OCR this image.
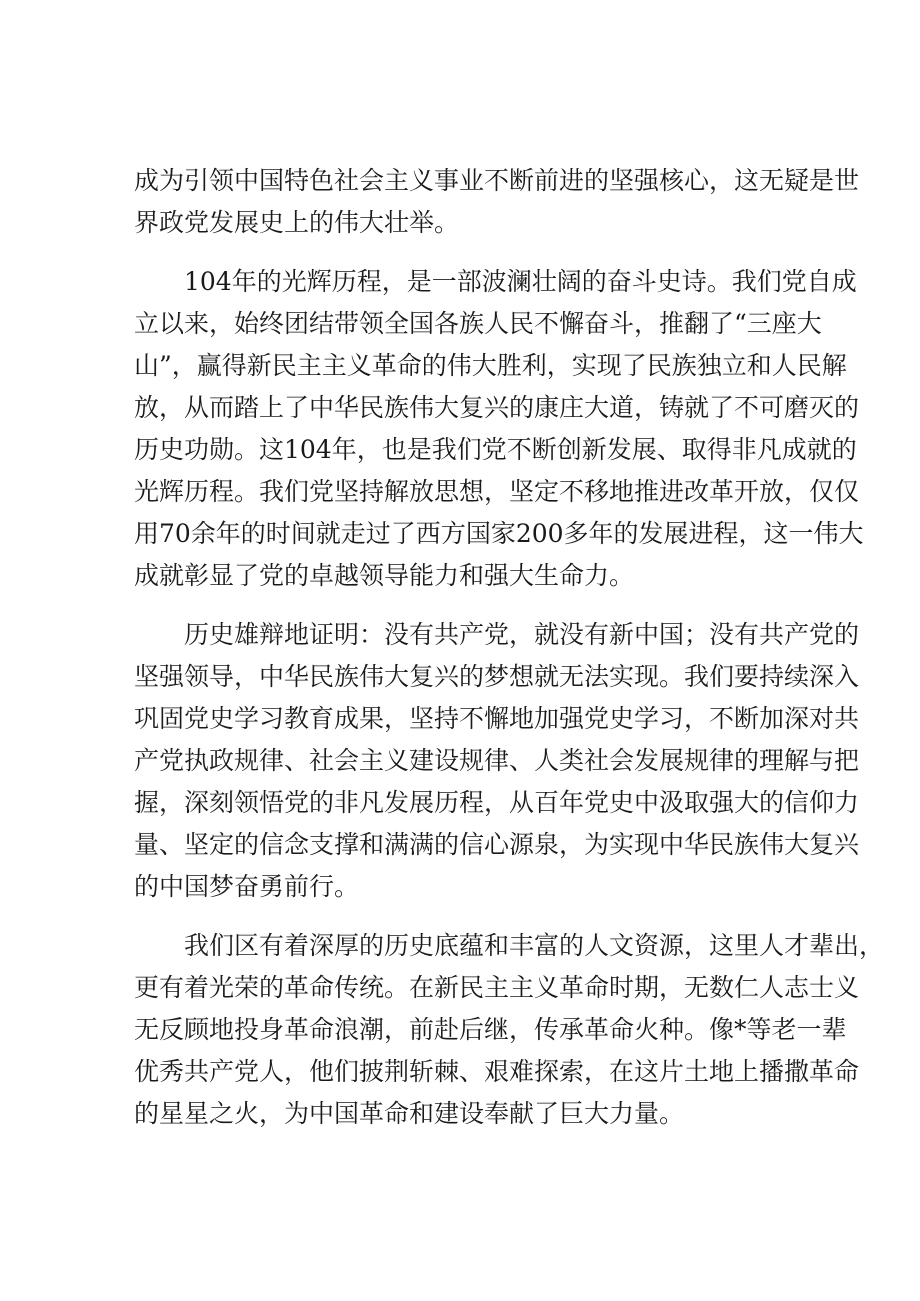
成为引领中国特色社会主义事业不断前进的坚强核心，这无疑是世
界政党发展史上的伟大壮举。

104年的光辉历程，是一部波澜壮阔的奋斗史诗。我们党自成
立以来，始终团结带领全国各族人民不懈奋斗，推翻了“三座大
山”，赢得新民主主义革命的伟大胜利，实现了民族独立和人民解
放，从而踏上了中华民族伟大复兴的康庄大道，铸就了不可磨灭的
历史功勋。这104年，也是我们党不断创新发展、取得非凡成就的
光辉历程。我们党坚持解放思想，坚定不移地推进改革开放，仅仅
用70余年的时间就走过了西方国家200多年的发展进程，这一伟大
成就彰显了党的卓越领导能力和强大生命力。

历史雄辩地证明：没有共产党，就没有新中国；没有共产党的
坚强领导，中华民族伟大复兴的梦想就无法实现。我们要持续深入
巩固党史学习教育成果，坚持不懈地加强党史学习，不断加深对共
产党执政规律、社会主义建设规律、人类社会发展规律的理解与把
握，深刻领悟党的非凡发展历程，从百年党史中汲取强大的信仰力
量、坚定的信念支撑和满满的信心源泉，为实现中华民族伟大复兴
的中国梦奋勇前行。

我们区有着深厚的历史底蕴和丰富的人文资源，这里人才辈出，
更有着光荣的革命传统。在新民主主义革命时期，无数仁人志士义
无反顾地投身革命浪潮，前赴后继，传承革命火种。像*等老一辈
优秀共产党人，他们披荆斩棘、艰难探索，在这片土地上播撒革命
的星星之火，为中国革命和建设奉献了巨大力量。
